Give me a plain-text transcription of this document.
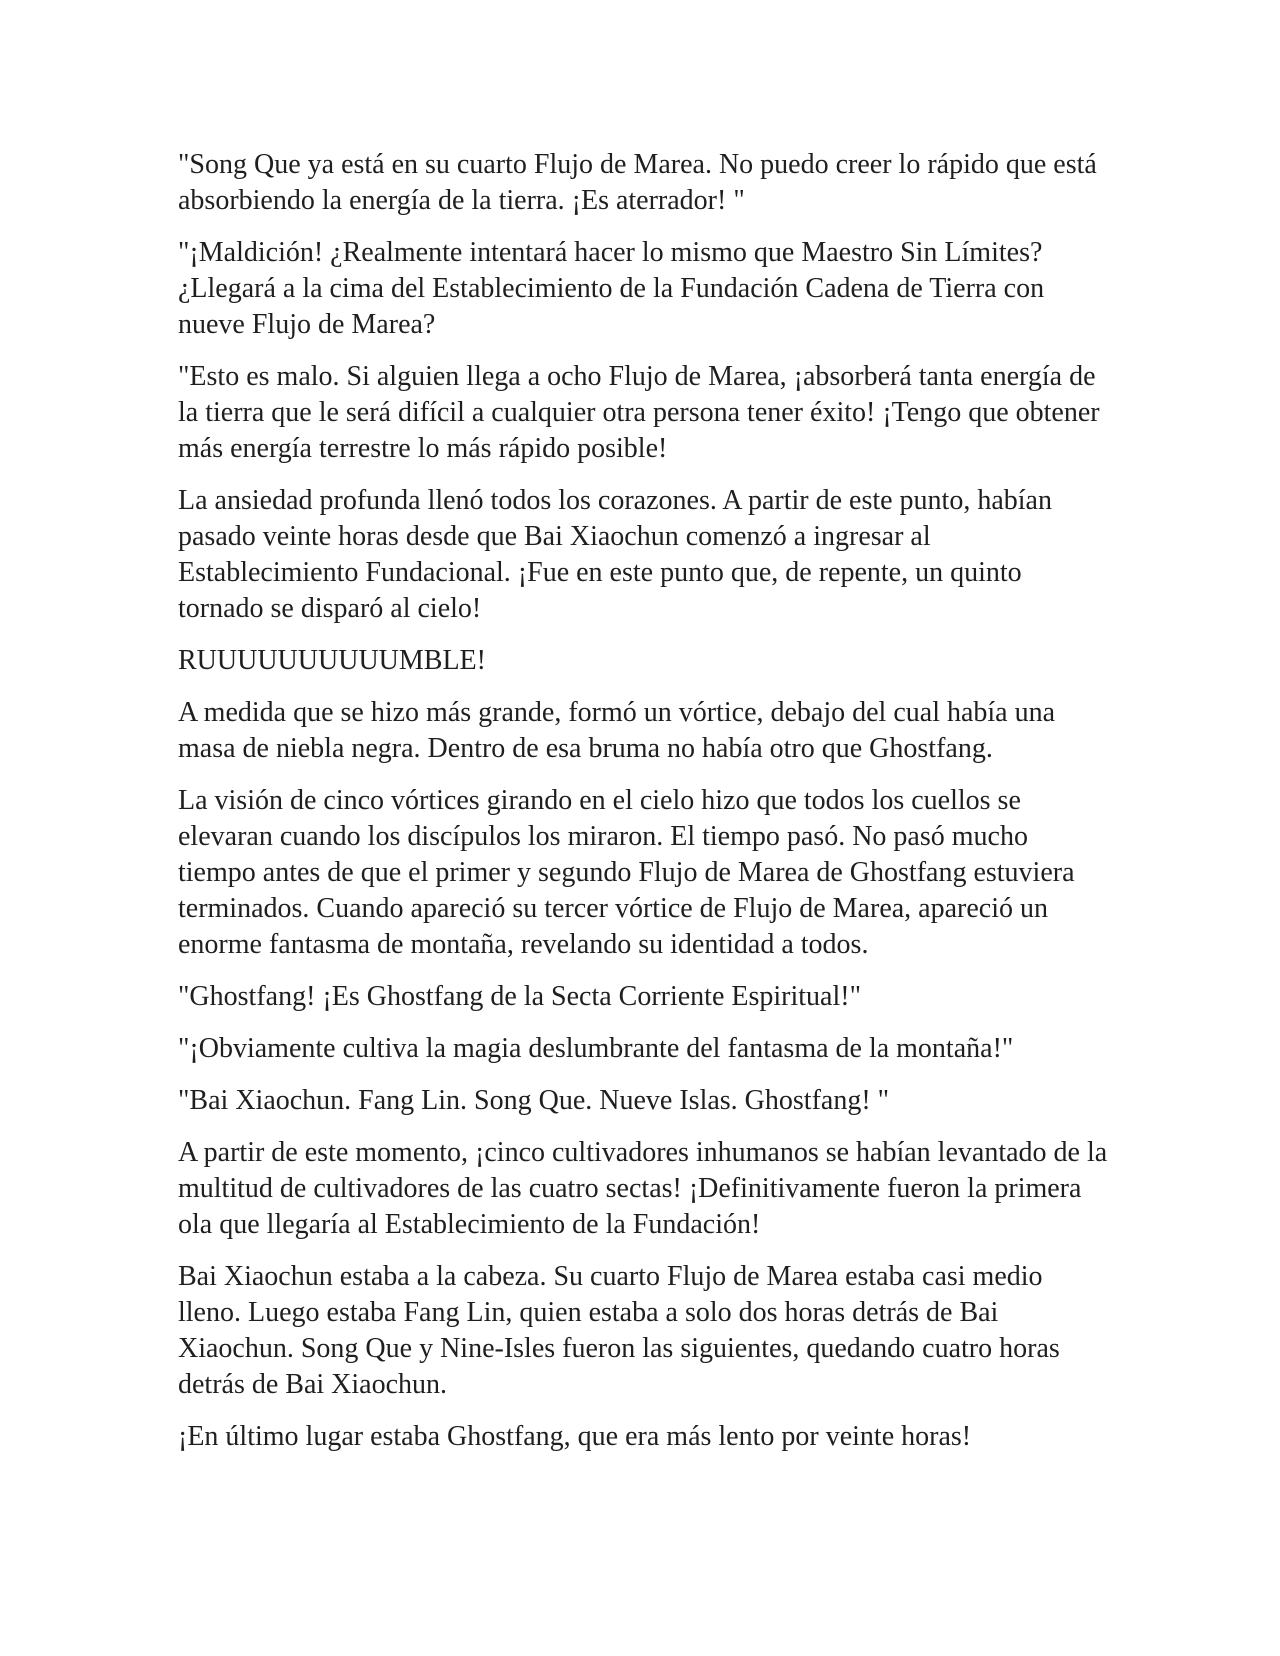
"Song Que ya está en su cuarto Flujo de Marea. No puedo creer lo rápido que está absorbiendo la energía de la tierra. ¡Es aterrador! "

"¡Maldición! ¿Realmente intentará hacer lo mismo que Maestro Sin Límites? ¿Llegará a la cima del Establecimiento de la Fundación Cadena de Tierra con nueve Flujo de Marea?

"Esto es malo. Si alguien llega a ocho Flujo de Marea, ¡absorberá tanta energía de la tierra que le será difícil a cualquier otra persona tener éxito! ¡Tengo que obtener más energía terrestre lo más rápido posible!

La ansiedad profunda llenó todos los corazones. A partir de este punto, habían pasado veinte horas desde que Bai Xiaochun comenzó a ingresar al Establecimiento Fundacional. ¡Fue en este punto que, de repente, un quinto tornado se disparó al cielo!

RUUUUUUUUUUMBLE!

A medida que se hizo más grande, formó un vórtice, debajo del cual había una masa de niebla negra. Dentro de esa bruma no había otro que Ghostfang.

La visión de cinco vórtices girando en el cielo hizo que todos los cuellos se elevaran cuando los discípulos los miraron. El tiempo pasó. No pasó mucho tiempo antes de que el primer y segundo Flujo de Marea de Ghostfang estuviera terminados. Cuando apareció su tercer vórtice de Flujo de Marea, apareció un enorme fantasma de montaña, revelando su identidad a todos.

"Ghostfang! ¡Es Ghostfang de la Secta Corriente Espiritual!"

"¡Obviamente cultiva la magia deslumbrante del fantasma de la montaña!"

"Bai Xiaochun. Fang Lin. Song Que. Nueve Islas. Ghostfang! "

A partir de este momento, ¡cinco cultivadores inhumanos se habían levantado de la multitud de cultivadores de las cuatro sectas! ¡Definitivamente fueron la primera ola que llegaría al Establecimiento de la Fundación!

Bai Xiaochun estaba a la cabeza. Su cuarto Flujo de Marea estaba casi medio lleno. Luego estaba Fang Lin, quien estaba a solo dos horas detrás de Bai Xiaochun. Song Que y Nine-Isles fueron las siguientes, quedando cuatro horas detrás de Bai Xiaochun.

¡En último lugar estaba Ghostfang, que era más lento por veinte horas!
